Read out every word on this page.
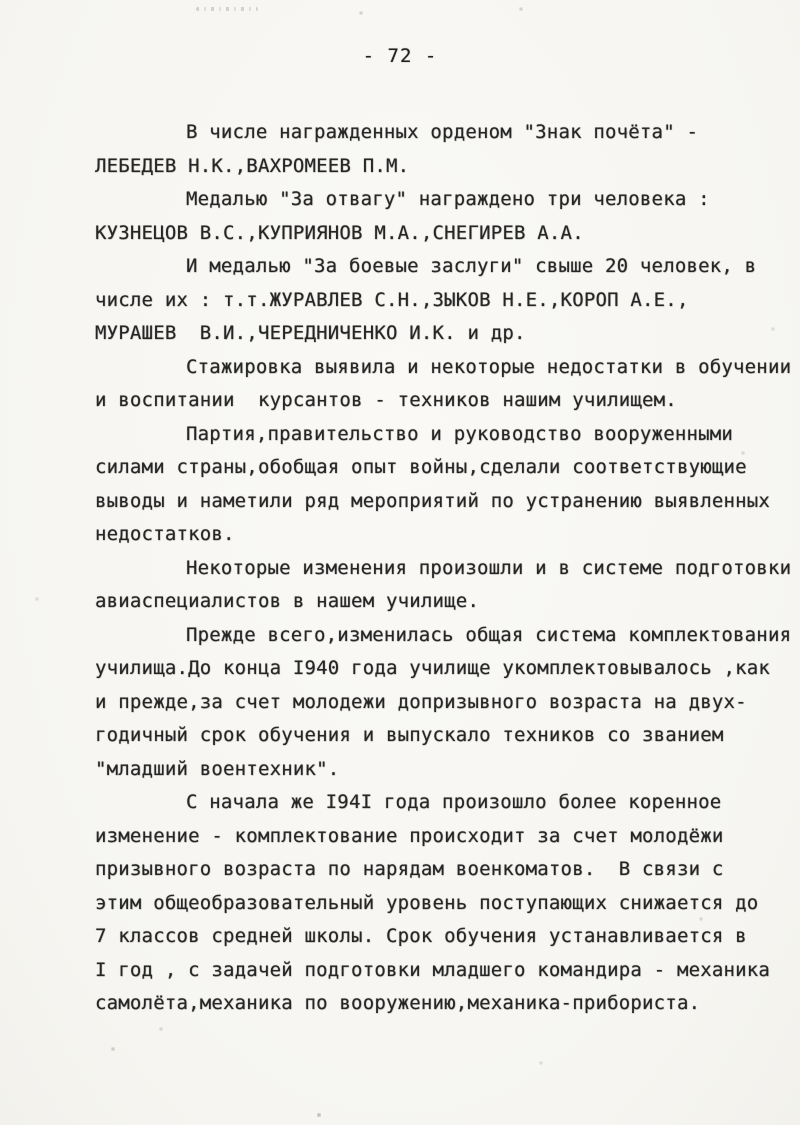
- 72 -
В числе награжденных орденом "Знак почёта" -
ЛЕБЕДЕВ Н.К.,ВАХРОМЕЕВ П.М.
Медалью "За отвагу" награждено три человека :
КУЗНЕЦОВ В.С.,КУПРИЯНОВ М.А.,СНЕГИРЕВ А.А.
И медалью "За боевые заслуги" свыше 20 человек, в
числе их : т.т.ЖУРАВЛЕВ С.Н.,ЗЫКОВ Н.Е.,КОРОП А.Е.,
МУРАШЕВ  В.И.,ЧЕРЕДНИЧЕНКО И.К. и др.
Стажировка выявила и некоторые недостатки в обучении
и воспитании  курсантов - техников нашим училищем.
Партия,правительство и руководство вооруженными
силами страны,обобщая опыт войны,сделали соответствующие
выводы и наметили ряд мероприятий по устранению выявленных
недостатков.
Некоторые изменения произошли и в системе подготовки
авиаспециалистов в нашем училище.
Прежде всего,изменилась общая система комплектования
училища.До конца I940 года училище укомплектовывалось ,как
и прежде,за счет молодежи допризывного возраста на двух-
годичный срок обучения и выпускало техников со званием
"младший воентехник".
С начала же I94I года произошло более коренное
изменение - комплектование происходит за счет молодёжи
призывного возраста по нарядам военкоматов.  В связи с
этим общеобразовательный уровень поступающих снижается до
7 классов средней школы. Срок обучения устанавливается в
I год , с задачей подготовки младшего командира - механика
самолёта,механика по вооружению,механика-прибориста.
